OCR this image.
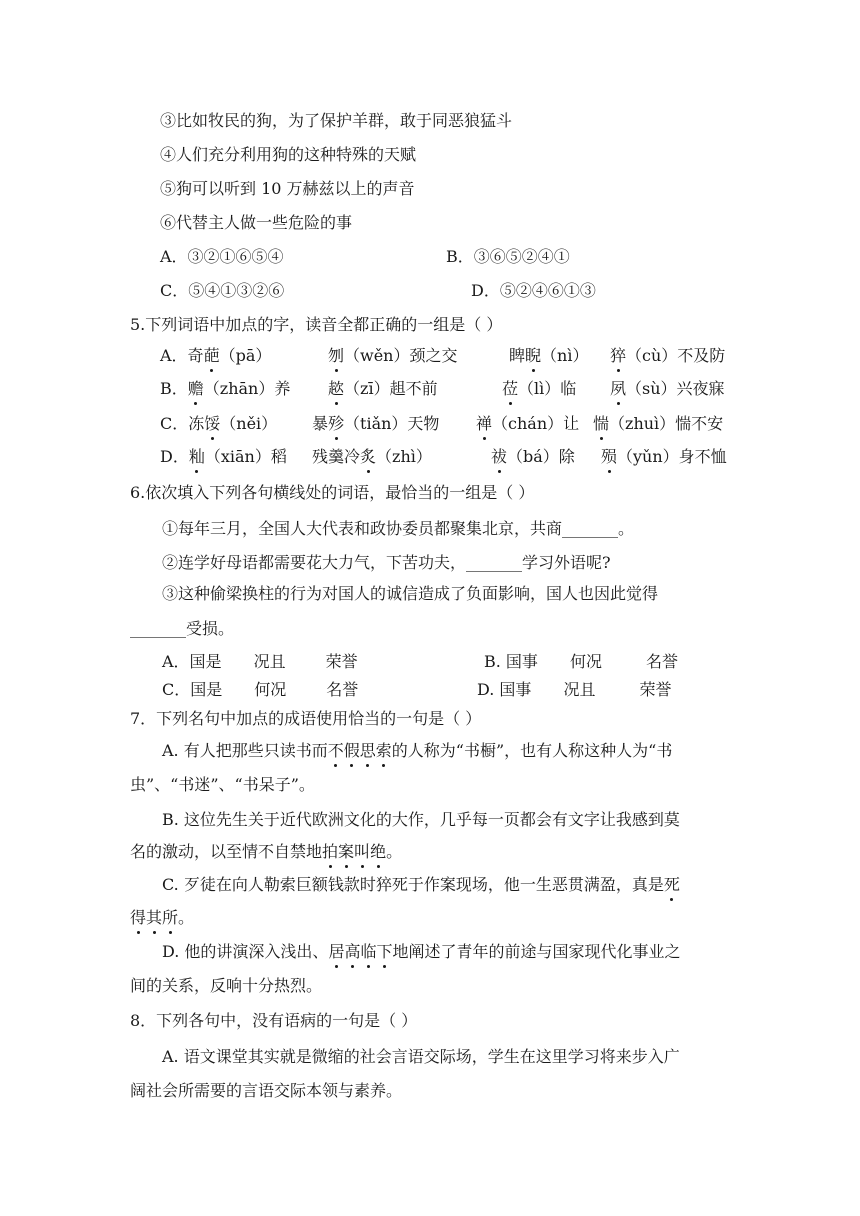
③比如牧民的狗，为了保护羊群，敢于同恶狼猛斗
④人们充分利用狗的这种特殊的天赋
⑤狗可以听到 10 万赫兹以上的声音
⑥代替主人做一些危险的事
A．③②①⑥⑤④	B．③⑥⑤②④①
C．⑤④①③②⑥	D．⑤②④⑥①③
5.下列词语中加点的字，读音全都正确的一组是（ ）
A．奇葩（pā）	刎（wěn）颈之交	睥睨（nì） 猝（cù）不及防
B．赡（zhān）养 趑（zī）趄不前	莅（lì）临 夙（sù）兴夜寐
C．冻馁（něi） 暴殄（tiǎn）天物 禅（chán）让 惴（zhuì）惴不安
D．籼（xiān）稻 残羹冷炙（zhì）	祓（bá）除 殒（yǔn）身不恤
6.依次填入下列各句横线处的词语，最恰当的一组是（ ）
①每年三月，全国人大代表和政协委员都聚集北京，共商_______。
②连学好母语都需要花大力气，下苦功夫，_______学习外语呢?
③这种偷梁换柱的行为对国人的诚信造成了负面影响，国人也因此觉得
_______受损。
A．国是 况且	荣誉	B. 国事 何况	名誉
C．国是 何况	名誉	D. 国事 况且	荣誉
7．下列名句中加点的成语使用恰当的一句是（ ）
A. 有人把那些只读书而不假思索的人称为“书橱”，也有人称这种人为“书
虫”、“书迷”、“书呆子”。
B. 这位先生关于近代欧洲文化的大作，几乎每一页都会有文字让我感到莫
名的激动，以至情不自禁地拍案叫绝。
C. 歹徒在向人勒索巨额钱款时猝死于作案现场，他一生恶贯满盈，真是死
得其所。
D. 他的讲演深入浅出、居高临下地阐述了青年的前途与国家现代化事业之
间的关系，反响十分热烈。
8．下列各句中，没有语病的一句是（ ）
A. 语文课堂其实就是微缩的社会言语交际场，学生在这里学习将来步入广
阔社会所需要的言语交际本领与素养。
